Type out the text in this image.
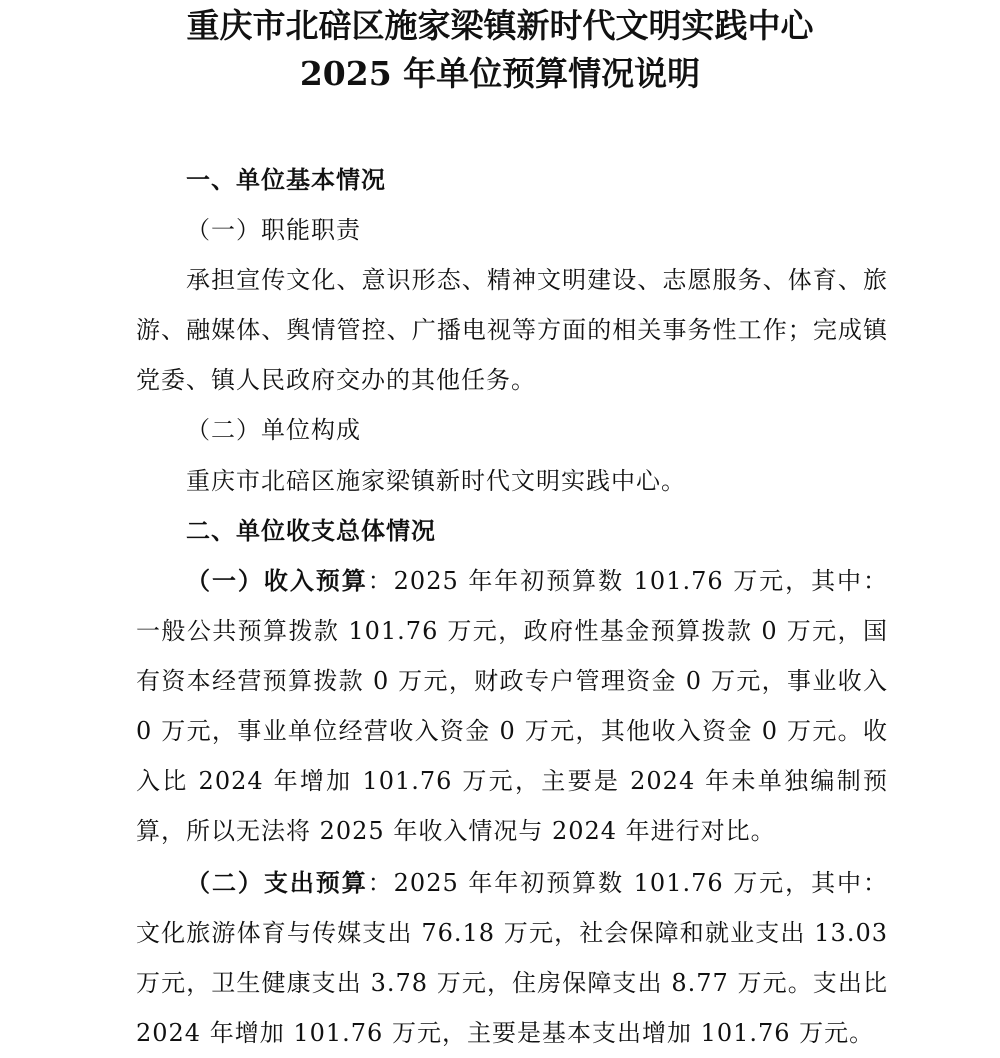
重庆市北碚区施家梁镇新时代文明实践中心
2025 年单位预算情况说明
一、单位基本情况
（一）职能职责
承担宣传文化、意识形态、精神文明建设、志愿服务、体育、旅游、融媒体、舆情管控、广播电视等方面的相关事务性工作；完成镇党委、镇人民政府交办的其他任务。
（二）单位构成
重庆市北碚区施家梁镇新时代文明实践中心。
二、单位收支总体情况
（一）收入预算：2025 年年初预算数 101.76 万元，其中：一般公共预算拨款 101.76 万元，政府性基金预算拨款 0 万元，国有资本经营预算拨款 0 万元，财政专户管理资金 0 万元，事业收入 0 万元，事业单位经营收入资金 0 万元，其他收入资金 0 万元。收入比 2024 年增加 101.76 万元，主要是 2024 年未单独编制预算，所以无法将 2025 年收入情况与 2024 年进行对比。
（二）支出预算：2025 年年初预算数 101.76 万元，其中：文化旅游体育与传媒支出 76.18 万元，社会保障和就业支出 13.03 万元，卫生健康支出 3.78 万元，住房保障支出 8.77 万元。支出比 2024 年增加 101.76 万元，主要是基本支出增加 101.76 万元。
